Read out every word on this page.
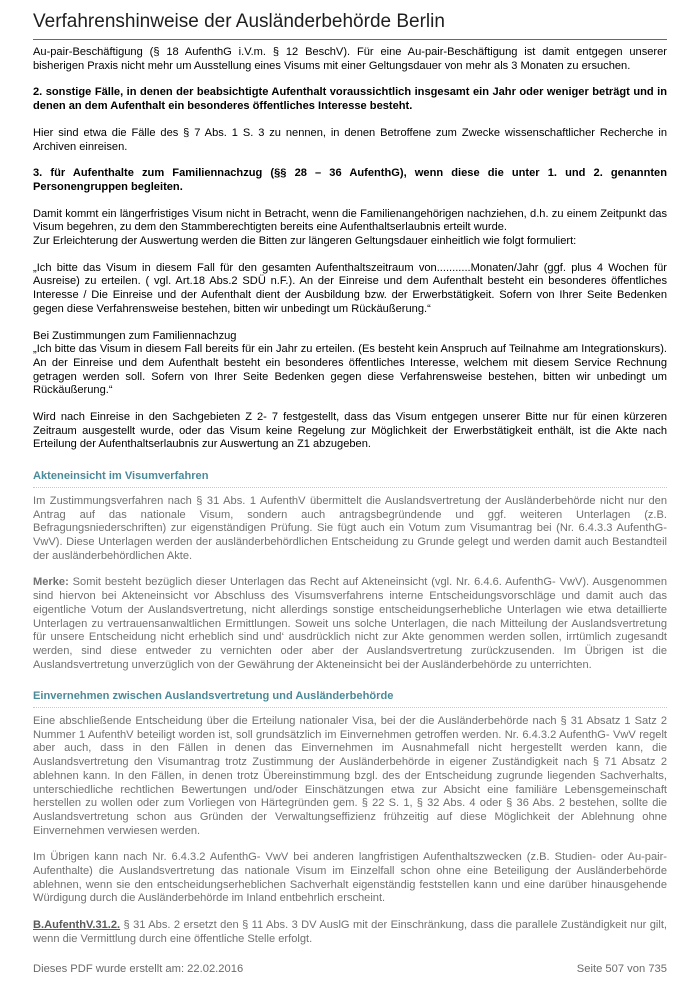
Verfahrenshinweise der Ausländerbehörde Berlin

Au-pair-Beschäftigung (§ 18 AufenthG i.V.m. § 12 BeschV). Für eine Au-pair-Beschäftigung ist damit entgegen unserer bisherigen Praxis nicht mehr um Ausstellung eines Visums mit einer Geltungsdauer von mehr als 3 Monaten zu ersuchen.

2. sonstige Fälle, in denen der beabsichtigte Aufenthalt voraussichtlich insgesamt ein Jahr oder weniger beträgt und in denen an dem Aufenthalt ein besonderes öffentliches Interesse besteht.

Hier sind etwa die Fälle des § 7 Abs. 1 S. 3 zu nennen, in denen Betroffene zum Zwecke wissenschaftlicher Recherche in Archiven einreisen.

3. für Aufenthalte zum Familiennachzug (§§ 28 – 36 AufenthG), wenn diese die unter 1. und 2. genannten Personengruppen begleiten.

Damit kommt ein längerfristiges Visum nicht in Betracht, wenn die Familienangehörigen nachziehen, d.h. zu einem Zeitpunkt das Visum begehren, zu dem den Stammberechtigten bereits eine Aufenthaltserlaubnis erteilt wurde.

Zur Erleichterung der Auswertung werden die Bitten zur längeren Geltungsdauer einheitlich wie folgt formuliert:

„Ich bitte das Visum in diesem Fall für den gesamten Aufenthaltszeitraum von...........Monaten/Jahr (ggf. plus 4 Wochen für Ausreise) zu erteilen. ( vgl. Art.18 Abs.2 SDÜ n.F.). An der Einreise und dem Aufenthalt besteht ein besonderes öffentliches Interesse / Die Einreise und der Aufenthalt dient der Ausbildung bzw. der Erwerbstätigkeit. Sofern von Ihrer Seite Bedenken gegen diese Verfahrensweise bestehen, bitten wir unbedingt um Rückäußerung.“

Bei Zustimmungen zum Familiennachzug

„Ich bitte das Visum in diesem Fall bereits für ein Jahr zu erteilen. (Es besteht kein Anspruch auf Teilnahme am Integrationskurs). An der Einreise und dem Aufenthalt besteht ein besonderes öffentliches Interesse, welchem mit diesem Service Rechnung getragen werden soll. Sofern von Ihrer Seite Bedenken gegen diese Verfahrensweise bestehen, bitten wir unbedingt um Rückäußerung.“

Wird nach Einreise in den Sachgebieten Z 2- 7 festgestellt, dass das Visum entgegen unserer Bitte nur für einen kürzeren Zeitraum ausgestellt wurde, oder das Visum keine Regelung zur Möglichkeit der Erwerbstätigkeit enthält, ist die Akte nach Erteilung der Aufenthaltserlaubnis zur Auswertung an Z1 abzugeben.

Akteneinsicht im Visumverfahren

Im Zustimmungsverfahren nach § 31 Abs. 1 AufenthV übermittelt die Auslandsvertretung der Ausländerbehörde nicht nur den Antrag auf das nationale Visum, sondern auch antragsbegründende und ggf. weiteren Unterlagen (z.B. Befragungsniederschriften) zur eigenständigen Prüfung. Sie fügt auch ein Votum zum Visumantrag bei (Nr. 6.4.3.3 AufenthG- VwV). Diese Unterlagen werden der ausländerbehördlichen Entscheidung zu Grunde gelegt und werden damit auch Bestandteil der ausländerbehördlichen Akte.

Merke: Somit besteht bezüglich dieser Unterlagen das Recht auf Akteneinsicht (vgl. Nr. 6.4.6. AufenthG- VwV). Ausgenommen sind hiervon bei Akteneinsicht vor Abschluss des Visumsverfahrens interne Entscheidungsvorschläge und damit auch das eigentliche Votum der Auslandsvertretung, nicht allerdings sonstige entscheidungserhebliche Unterlagen wie etwa detaillierte Unterlagen zu vertrauensanwaltlichen Ermittlungen. Soweit uns solche Unterlagen, die nach Mitteilung der Auslandsvertretung für unsere Entscheidung nicht erheblich sind und‘ ausdrücklich nicht zur Akte genommen werden sollen, irrtümlich zugesandt werden, sind diese entweder zu vernichten oder aber der Auslandsvertretung zurückzusenden. Im Übrigen ist die Auslandsvertretung unverzüglich von der Gewährung der Akteneinsicht bei der Ausländerbehörde zu unterrichten.

Einvernehmen zwischen Auslandsvertretung und Ausländerbehörde

Eine abschließende Entscheidung über die Erteilung nationaler Visa, bei der die Ausländerbehörde nach § 31 Absatz 1 Satz 2 Nummer 1 AufenthV beteiligt worden ist, soll grundsätzlich im Einvernehmen getroffen werden. Nr. 6.4.3.2 AufenthG- VwV regelt aber auch, dass in den Fällen in denen das Einvernehmen im Ausnahmefall nicht hergestellt werden kann, die Auslandsvertretung den Visumantrag trotz Zustimmung der Ausländerbehörde in eigener Zuständigkeit nach § 71 Absatz 2 ablehnen kann. In den Fällen, in denen trotz Übereinstimmung bzgl. des der Entscheidung zugrunde liegenden Sachverhalts, unterschiedliche rechtlichen Bewertungen und/oder Einschätzungen etwa zur Absicht eine familiäre Lebensgemeinschaft herstellen zu wollen oder zum Vorliegen von Härtegründen gem. § 22 S. 1, § 32 Abs. 4 oder § 36 Abs. 2 bestehen, sollte die Auslandsvertretung schon aus Gründen der Verwaltungseffizienz frühzeitig auf diese Möglichkeit der Ablehnung ohne Einvernehmen verwiesen werden.

Im Übrigen kann nach Nr. 6.4.3.2 AufenthG- VwV bei anderen langfristigen Aufenthaltszwecken (z.B. Studien- oder Au-pair-Aufenthalte) die Auslandsvertretung das nationale Visum im Einzelfall schon ohne eine Beteiligung der Ausländerbehörde ablehnen, wenn sie den entscheidungserheblichen Sachverhalt eigenständig feststellen kann und eine darüber hinausgehende Würdigung durch die Ausländerbehörde im Inland entbehrlich erscheint.

B.AufenthV.31.2. § 31 Abs. 2 ersetzt den § 11 Abs. 3 DV AuslG mit der Einschränkung, dass die parallele Zuständigkeit nur gilt, wenn die Vermittlung durch eine öffentliche Stelle erfolgt.

Dieses PDF wurde erstellt am: 22.02.2016	Seite 507 von 735
